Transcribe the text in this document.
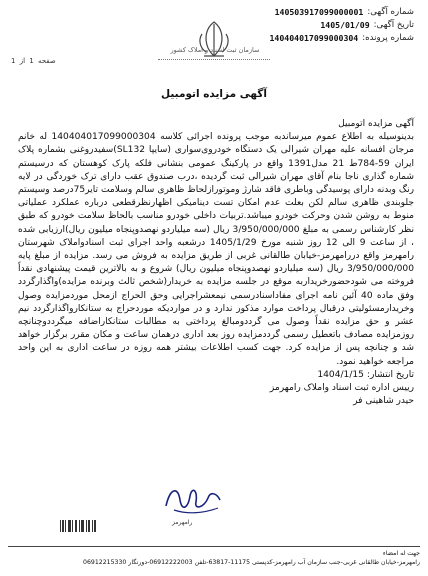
شماره آگهی:
140503917099000001
تاریخ آگهی:
1405/01/09
شماره پرونده:
140404017099000304
سازمان ثبت اسناد و املاک کشور
صفحه 1 از 1
آگهی مزایده اتومبیل

آگهی مزایده اتومبیل

بدینوسیله به اطلاع عموم میرساندبه موجب پرونده اجرائی کلاسه 140404017099000304 له خانم مرجان افسانه علیه مهران شیرالی یک دستگاه خودروی‌سواری (سایپا SL132)سفیدروغنی بشماره پلاک ایران 59-784ط 21 مدل1391 واقع در پارکینگ عمومی بنشانی فلکه پارک کوهستان که درسیستم شماره گذاری ناجا بنام آقای مهران شیرالی ثبت گردیده ،درب صندوق عقب دارای ترک خوردگی در لایه رنگ وبدنه دارای پوسیدگی وباطری فاقد شارژ وموتورازلحاظ ظاهری سالم وسلامت تایر75درصد وسیستم جلوبندی ظاهری سالم لکن بعلت عدم امکان تست دینامیکی اظهارنظرقطعی درباره عملکرد عملیاتی منوط به روشن شدن وحرکت خودرو میباشد.تربیات داخلی خودرو مناسب بالحاظ سلامت خودرو که طبق نظر کارشناس رسمی به مبلغ 3/950/000/000 ریال (سه میلیاردو نهصدوپنجاه میلیون ریال)ارزیابی شده ، از ساعت 9 الی 12 روز شنبه مورخ 1405/1/29 درشعبه واحد اجرای ثبت اسنادواملاک شهرستان رامهرمز واقع دررامهرمز-خیابان طالقانی غربی از طریق مزایده به فروش می رسد. مزایده از مبلغ پایه 3/950/000/000 ریال (سه میلیاردو نهصدوپنجاه میلیون ریال) شروع و به بالاترین قیمت پیشنهادی نقداً فروخته می شودحضورخریداربه موقع در جلسه مزایده به خریدار(شخص ثالث وبرنده مزایده)واگذارگردد وفق ماده 40 آئین نامه اجرای مفاداسنادرسمی نیمعشراجرایی وحق الحراج ازمحل موردمزایده وصول وخریدارمسئولیتی درقبال پرداخت موارد مذکور ندارد و در مواردیکه موردحراج به ستانکارواگذارگردد نیم عشر و حق مزایده نقداً وصول می گرددومبالغ پرداختی به مطالبات ستانکاراضافه میگرددوچنانچه روزمزایده مصادف باتعطیل رسمی گرددمزایده روز بعد اداری درهمان ساعت و مکان مقرر برگزار خواهد شد و چنانچه پس از مزایده کرد. جهت کسب اطلاعات بیشتر همه روزه در ساعت اداری به این واحد مراجعه خواهید نمود.

تاریخ انتشار: 1404/1/15

رییس اداره ثبت اسناد واملاک رامهرمز

حیدر شاهینی فر

رامهرمز
جهت له امضاء
رامهرمز-خیابان طالقانی غربی-جنب سازمان آب رامهرمز-کدپستی 11175-63817-تلفن 06912222003-دورنگار 06912215330
